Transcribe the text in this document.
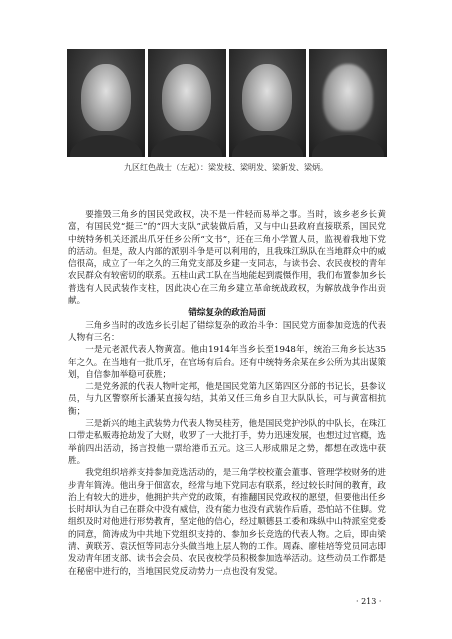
九区红色战士（左起）：梁发枝、梁明发、梁新发、梁炳。

要推毁三角乡的国民党政权，决不是一件轻而易举之事。当时，该乡老乡长黄富，有国民党“挺三”的“四大支队”武装做后盾，又与中山县政府直接联系，国民党中统特务机关还派出爪牙任乡公所“文书”，还在三角小学置人员，监视着我地下党的活动。但是，敌人内部的派别斗争是可以利用的，且我珠江纵队在当地群众中的威信很高，成立了一年之久的三角党支部及乡建一支同志，与读书会、农民夜校的青年农民群众有较密切的联系。五桂山武工队在当地能起到震慑作用，我们布置参加乡长普选有人民武装作支柱，因此决心在三角乡建立革命统战政权，为解放战争作出贡献。

错综复杂的政治局面

三角乡当时的改选乡长引起了错综复杂的政治斗争：国民党方面参加竞选的代表人物有三名：

一是元老派代表人物黄富。他由1914年当乡长至1948年，统治三角乡长达35年之久。在当地有一批爪牙，在官场有后台。还有中统特务余某在乡公所为其出谋策划，自信参加举稳可获胜；

二是党务派的代表人物叶定邦，他是国民党第九区第四区分部的书记长，县参议员，与九区警察所长潘某直接勾结，其弟又任三角乡自卫大队队长，可与黄富相抗衡；

三是新兴的地主武装势力代表人物吴桂芳，他是国民党护沙队的中队长，在珠江口带走私贩毒抢劫发了大财，收罗了一大批打手，势力迅速发展，也想过过官瘾，选举前四出活动，扬言投他一票给港币五元。这三人形成鼎足之势，都想在改选中获胜。

我党组织培养支持参加竞选活动的，是三角学校校董会董事、管理学校财务的进步青年简涛。他出身于佃富农，经常与地下党同志有联系，经过较长时间的教育，政治上有较大的进步，他拥护共产党的政策，有推翻国民党政权的愿望，但要他出任乡长时却认为自己在群众中没有威信，没有能力也没有武装作后盾，恐怕站不住脚。党组织及时对他进行形势教育，坚定他的信心，经过顺德县工委和珠纵中山特派室党委的同意，简涛成为中共地下党组织支持的、参加乡长竞选的代表人物。之后，即由梁清、黄联芳、袁沃恒等同志分头做当地上层人物的工作。周森、廖桂培等党员同志即发动青年团支部、读书会会员、农民夜校学员积极参加选举活动。这些动员工作都是在秘密中进行的，当地国民党反动势力一点也没有发觉。

· 213 ·
